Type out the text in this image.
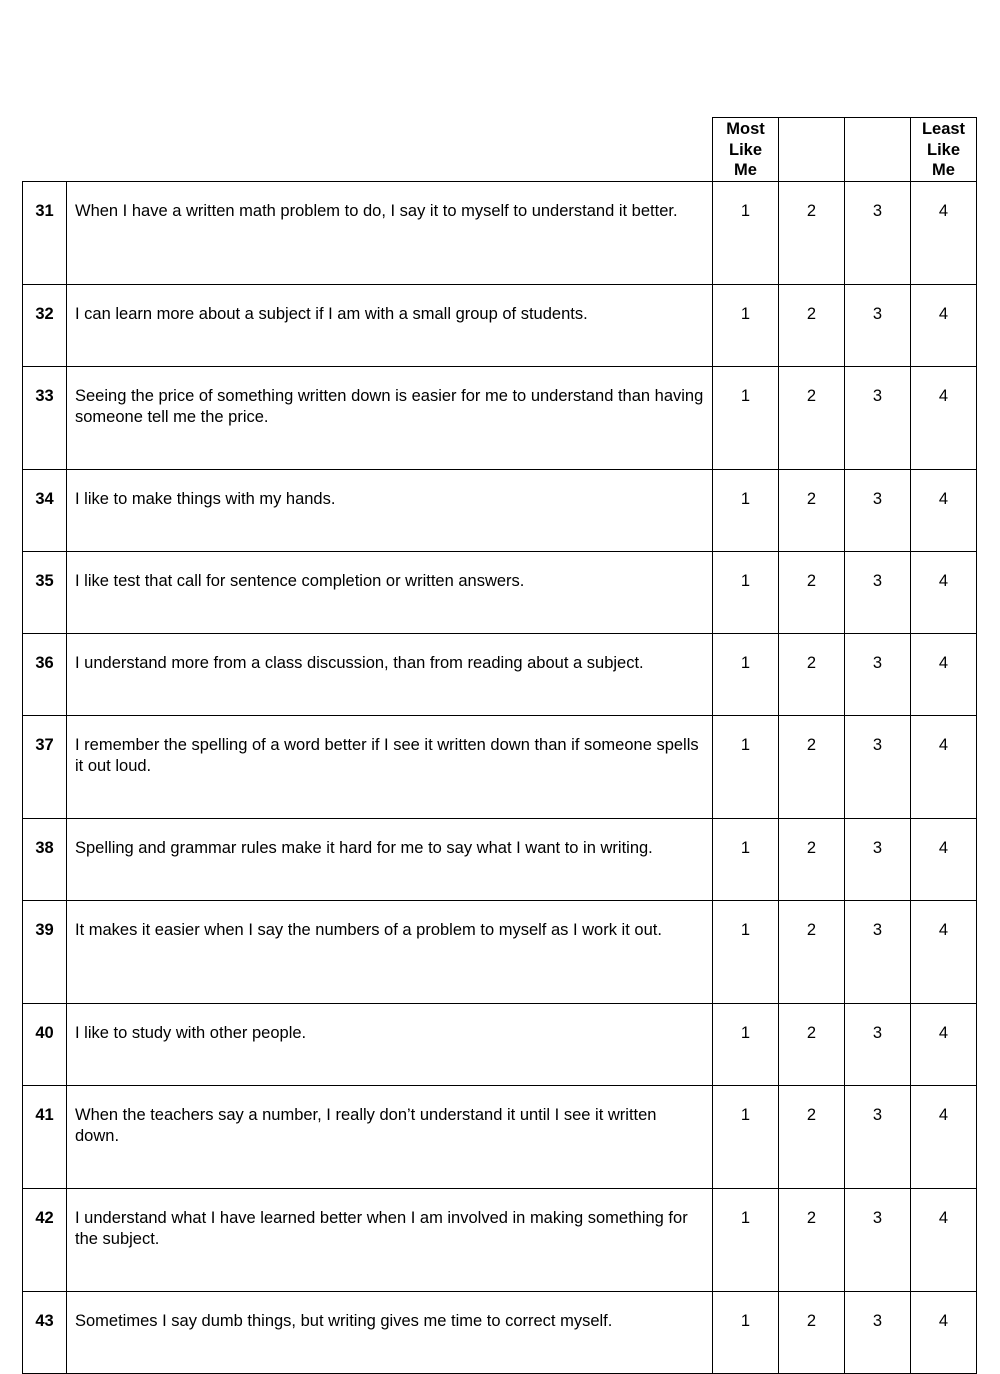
		Most
Like
Me			Least
Like
Me

31	When I have a written math problem to do, I say it to myself to understand it better.	1	2	3	4
32	I can learn more about a subject if I am with a small group of students.	1	2	3	4
33	Seeing the price of something written down is easier for me to understand than having someone tell me the price.	1	2	3	4
34	I like to make things with my hands.	1	2	3	4
35	I like test that call for sentence completion or written answers.	1	2	3	4
36	I understand more from a class discussion, than from reading about a subject.	1	2	3	4
37	I remember the spelling of a word better if I see it written down than if someone spells it out loud.	1	2	3	4
38	Spelling and grammar rules make it hard for me to say what I want to in writing.	1	2	3	4
39	It makes it easier when I say the numbers of a problem to myself as I work it out.	1	2	3	4
40	I like to study with other people.	1	2	3	4
41	When the teachers say a number, I really don’t understand it until I see it written down.	1	2	3	4
42	I understand what I have learned better when I am involved in making something for the subject.	1	2	3	4
43	Sometimes I say dumb things, but writing gives me time to correct myself.	1	2	3	4
